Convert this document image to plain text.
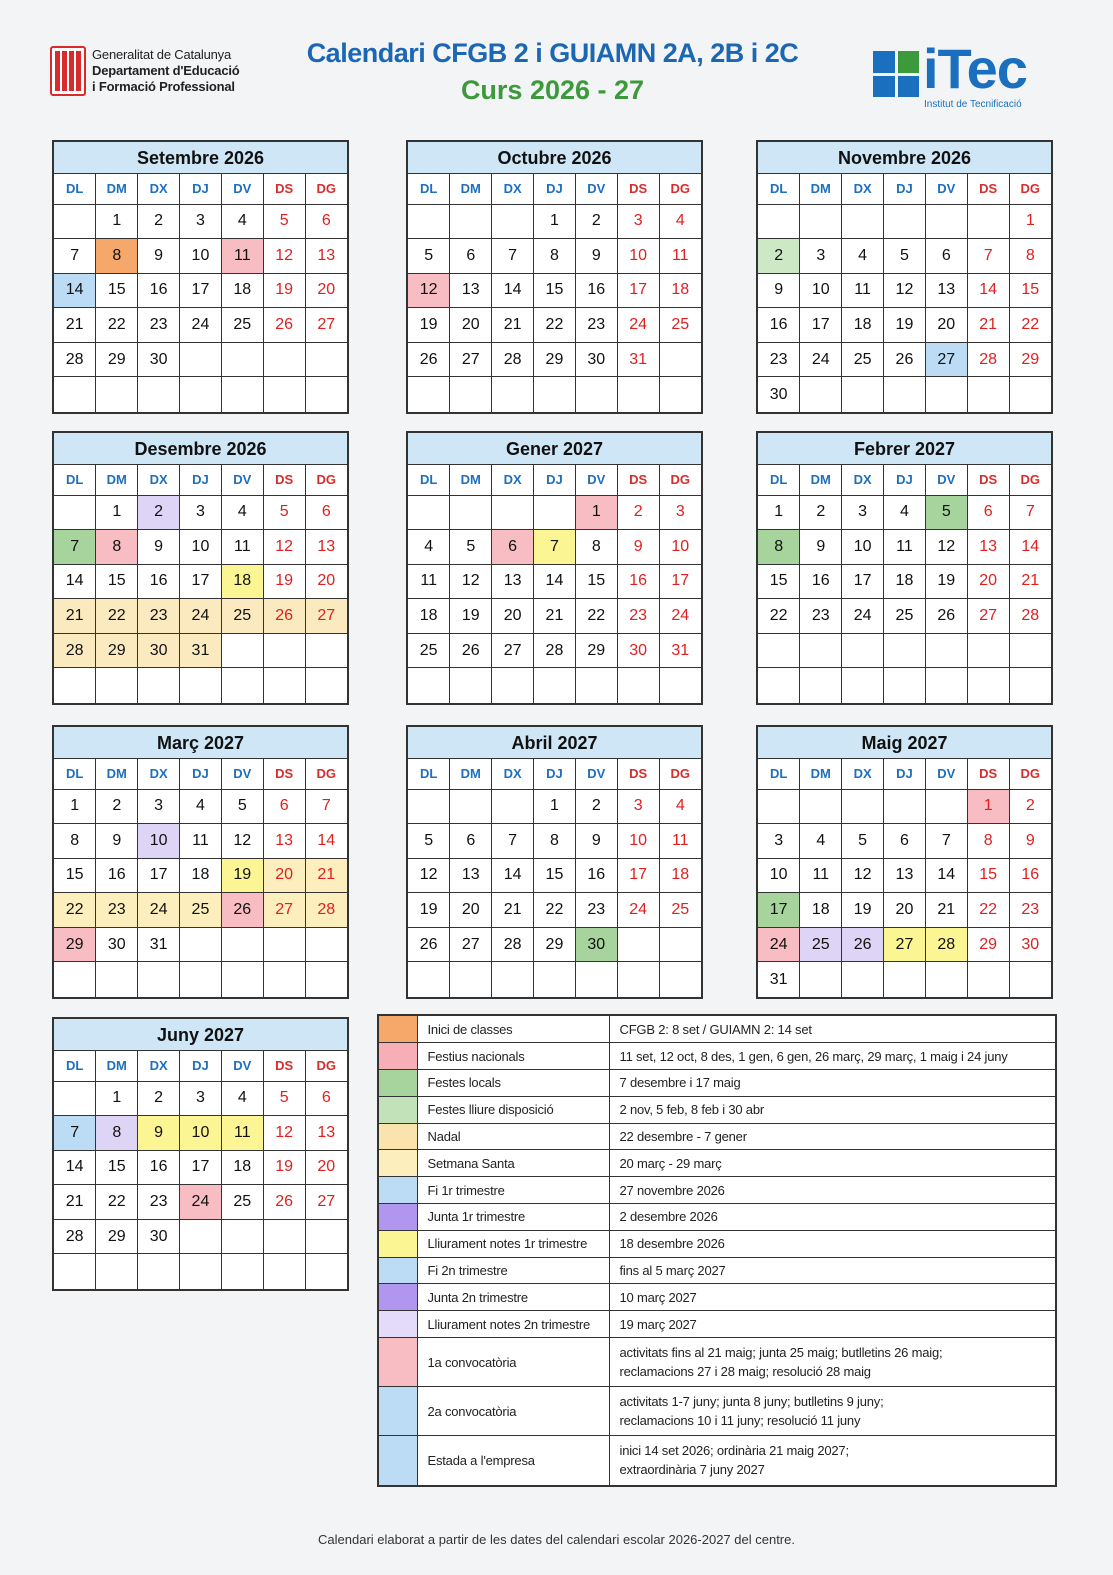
Generalitat de Catalunya
Departament d'Educació
i Formació Professional
Calendari CFGB 2 i GUIAMN 2A, 2B i 2C
Curs 2026 - 27	iTec
Institut de Tecnificació
Setembre 2026
DL	DM	DX	DJ	DV	DS	DG
	1	2	3	4	5	6
7	8	9	10	11	12	13
14	15	16	17	18	19	20
21	22	23	24	25	26	27
28	29	30				

Octubre 2026
DL	DM	DX	DJ	DV	DS	DG
			1	2	3	4
5	6	7	8	9	10	11
12	13	14	15	16	17	18
19	20	21	22	23	24	25
26	27	28	29	30	31	

Novembre 2026
DL	DM	DX	DJ	DV	DS	DG
						1
2	3	4	5	6	7	8
9	10	11	12	13	14	15
16	17	18	19	20	21	22
23	24	25	26	27	28	29
30						
Desembre 2026
DL	DM	DX	DJ	DV	DS	DG
	1	2	3	4	5	6
7	8	9	10	11	12	13
14	15	16	17	18	19	20
21	22	23	24	25	26	27
28	29	30	31			

Gener 2027
DL	DM	DX	DJ	DV	DS	DG
				1	2	3
4	5	6	7	8	9	10
11	12	13	14	15	16	17
18	19	20	21	22	23	24
25	26	27	28	29	30	31

Febrer 2027
DL	DM	DX	DJ	DV	DS	DG
1	2	3	4	5	6	7
8	9	10	11	12	13	14
15	16	17	18	19	20	21
22	23	24	25	26	27	28

Març 2027
DL	DM	DX	DJ	DV	DS	DG
1	2	3	4	5	6	7
8	9	10	11	12	13	14
15	16	17	18	19	20	21
22	23	24	25	26	27	28
29	30	31				

Abril 2027
DL	DM	DX	DJ	DV	DS	DG
			1	2	3	4
5	6	7	8	9	10	11
12	13	14	15	16	17	18
19	20	21	22	23	24	25
26	27	28	29	30		

Maig 2027
DL	DM	DX	DJ	DV	DS	DG
					1	2
3	4	5	6	7	8	9
10	11	12	13	14	15	16
17	18	19	20	21	22	23
24	25	26	27	28	29	30
31						
Juny 2027
DL	DM	DX	DJ	DV	DS	DG
	1	2	3	4	5	6
7	8	9	10	11	12	13
14	15	16	17	18	19	20
21	22	23	24	25	26	27
28	29	30				

	Inici de classes	CFGB 2: 8 set / GUIAMN 2: 14 set

	Festius nacionals	11 set, 12 oct, 8 des, 1 gen, 6 gen, 26 març, 29 març, 1 maig i 24 juny

	Festes locals	7 desembre i 17 maig

	Festes lliure disposició	2 nov, 5 feb, 8 feb i 30 abr

	Nadal	22 desembre - 7 gener

	Setmana Santa	20 març - 29 març

	Fi 1r trimestre	27 novembre 2026

	Junta 1r trimestre	2 desembre 2026

	Lliurament notes 1r trimestre	18 desembre 2026

	Fi 2n trimestre	fins al 5 març 2027

	Junta 2n trimestre	10 març 2027

	Lliurament notes 2n trimestre	19 març 2027

	1a convocatòria	activitats fins al 21 maig; junta 25 maig; butlletins 26 maig;
reclamacions 27 i 28 maig; resolució 28 maig

	2a convocatòria	activitats 1-7 juny; junta 8 juny; butlletins 9 juny;
reclamacions 10 i 11 juny; resolució 11 juny

	Estada a l'empresa	inici 14 set 2026; ordinària 21 maig 2027;
extraordinària 7 juny 2027
Calendari elaborat a partir de les dates del calendari escolar 2026-2027 del centre.
